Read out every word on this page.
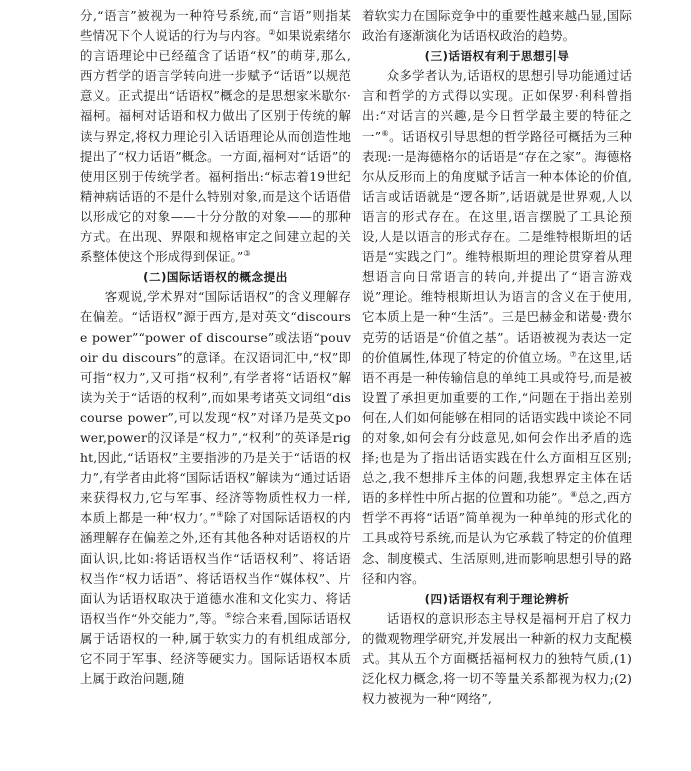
分,“语言”被视为一种符号系统,而“言语”则指某些情况下个人说话的行为与内容。②如果说索绪尔的言语理论中已经蕴含了话语“权”的萌芽,那么,西方哲学的语言学转向进一步赋予“话语”以规范意义。正式提出“话语权”概念的是思想家米歇尔·福柯。福柯对话语和权力做出了区别于传统的解读与界定,将权力理论引入话语理论从而创造性地提出了“权力话语”概念。一方面,福柯对“话语”的使用区别于传统学者。福柯指出:“标志着19世纪精神病话语的不是什么特别对象,而是这个话语借以形成它的对象——十分分散的对象——的那种方式。在出现、界限和规格审定之间建立起的关系整体使这个形成得到保证。”③

(二)国际话语权的概念提出

客观说,学术界对“国际话语权”的含义理解存在偏差。“话语权”源于西方,是对英文“discourse power”“power of discourse”或法语“pouvoir du discours”的意译。在汉语词汇中,“权”即可指“权力”,又可指“权利”,有学者将“话语权”解读为关于“话语的权利”,而如果考诸英文词组“discourse power”,可以发现“权”对译乃是英文power,power的汉译是“权力”,“权利”的英译是right,因此,“话语权”主要指涉的乃是关于“话语的权力”,有学者由此将“国际话语权”解读为“通过话语来获得权力,它与军事、经济等物质性权力一样,本质上都是一种‘权力’。”④除了对国际话语权的内涵理解存在偏差之外,还有其他各种对话语权的片面认识,比如:将话语权当作“话语权利”、将话语权当作“权力话语”、将话语权当作“媒体权”、片面认为话语权取决于道德水准和文化实力、将话语权当作“外交能力”,等。⑤综合来看,国际话语权属于话语权的一种,属于软实力的有机组成部分,它不同于军事、经济等硬实力。国际话语权本质上属于政治问题,随

着软实力在国际竞争中的重要性越来越凸显,国际政治有逐渐演化为话语权政治的趋势。

(三)话语权有利于思想引导

众多学者认为,话语权的思想引导功能通过话言和哲学的方式得以实现。正如保罗·利科曾指出:“对话言的兴趣,是今日哲学最主要的特征之一”⑥。话语权引导思想的哲学路径可概括为三种表现:一是海德格尔的话语是“存在之家”。海德格尔从反形而上的角度赋予话言一种本体论的价值,话言或话语就是“逻各斯”,话语就是世界观,人以语言的形式存在。在这里,语言摆脱了工具论预设,人是以语言的形式存在。二是维特根斯坦的话语是“实践之门”。维特根斯坦的理论贯穿着从理想语言向日常语言的转向,并提出了“语言游戏说”理论。维特根斯坦认为语言的含义在于使用,它本质上是一种“生活”。三是巴赫金和诺曼·费尔克劳的话语是“价值之基”。话语被视为表达一定的价值属性,体现了特定的价值立场。⑦在这里,话语不再是一种传输信息的单纯工具或符号,而是被设置了承担更加重要的工作,“问题在于指出差别何在,人们如何能够在相同的话语实践中谈论不同的对象,如何会有分歧意见,如何会作出矛盾的选择;也是为了指出话语实践在什么方面相互区别;总之,我不想排斥主体的问题,我想界定主体在话语的多样性中所占据的位置和功能”。⑧总之,西方哲学不再将“话语”简单视为一种单纯的形式化的工具或符号系统,而是认为它承载了特定的价值理念、制度模式、生活原则,进而影响思想引导的路径和内容。

(四)话语权有利于理论辨析

话语权的意识形态主导权是福柯开启了权力的微观物理学研究,并发展出一种新的权力支配模式。其从五个方面概括福柯权力的独特气质,(1)泛化权力概念,将一切不等量关系都视为权力;(2)权力被视为一种“网络”,
